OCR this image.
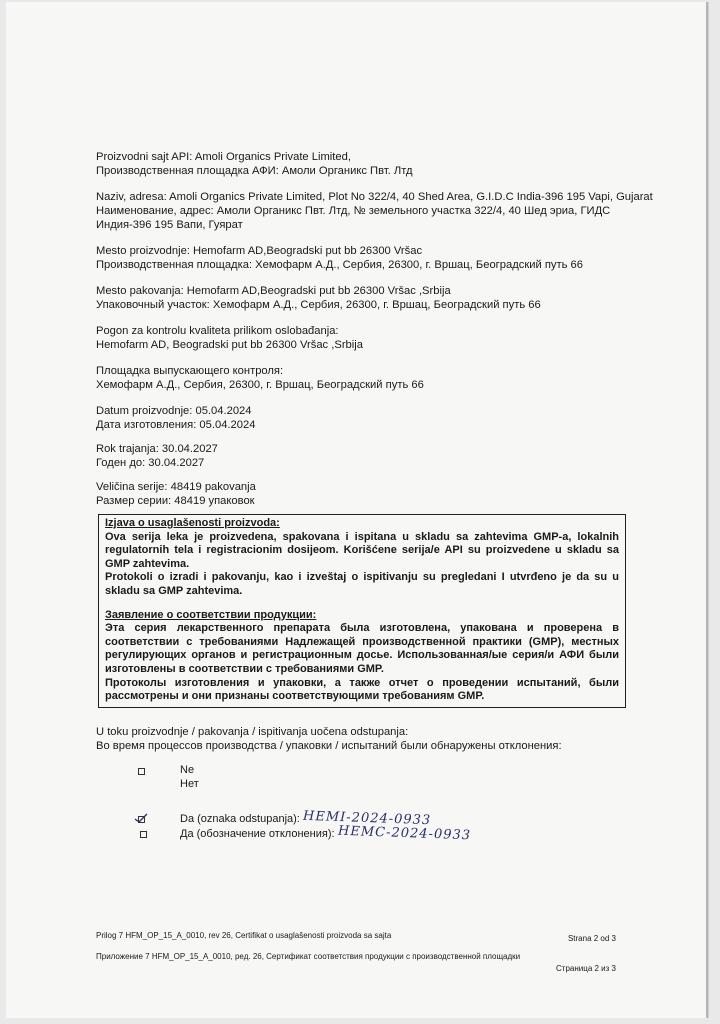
Proizvodni sajt API: Amoli Organics Private Limited,
Производственная площадка АФИ: Амоли Органикс Пвт. Лтд
Naziv, adresa: Amoli Organics Private Limited, Plot No 322/4, 40 Shed Area, G.I.D.C India-396 195 Vapi, Gujarat
Наименование, адрес: Амоли Органикс Пвт. Лтд, № земельного участка 322/4, 40 Шед эриа, ГИДС Индия-396 195 Вапи, Гуярат
Mesto proizvodnje: Hemofarm AD,Beogradski put bb 26300 Vršac
Производственная площадка: Хемофарм А.Д., Сербия, 26300, г. Вршац, Београдский путь 66
Mesto pakovanja: Hemofarm AD,Beogradski put bb 26300 Vršac ,Srbija
Упаковочный участок: Хемофарм А.Д., Сербия, 26300, г. Вршац, Београдский путь 66
Pogon za kontrolu kvaliteta prilikom oslobađanja:
Hemofarm AD, Beogradski put bb 26300 Vršac ,Srbija
Площадка выпускающего контроля:
Хемофарм А.Д., Сербия, 26300, г. Вршац, Београдский путь 66
Datum proizvodnje: 05.04.2024
Дата изготовления: 05.04.2024
Rok trajanja: 30.04.2027
Годен до: 30.04.2027
Veličina serije: 48419 pakovanja
Размер серии: 48419 упаковок
Izjava o usaglašenosti proizvoda:
Ova serija leka je proizvedena, spakovana i ispitana u skladu sa zahtevima GMP-a, lokalnih regulatornih tela i registracionim dosijeom. Korišćene serija/e API su proizvedene u skladu sa GMP zahtevima.
Protokoli o izradi i pakovanju, kao i izveštaj o ispitivanju su pregledani I utvrđeno je da su u skladu sa GMP zahtevima.
Заявление о соответствии продукции:
Эта серия лекарственного препарата была изготовлена, упакована и проверена в соответствии с требованиями Надлежащей производственной практики (GMP), местных регулирующих органов и регистрационным досье. Использованная/ые серия/и АФИ были изготовлены в соответствии с требованиями GMP.
Протоколы изготовления и упаковки, а также отчет о проведении испытаний, были рассмотрены и они признаны соответствующими требованиям GMP.
U toku proizvodnje / pakovanja / ispitivanja uočena odstupanja:
Во время процессов производства / упаковки / испытаний были обнаружены отклонения:
Ne
Нет
Da (oznaka odstupanja): HEMI-2024-0933
Да (обозначение отклонения): HEMC-2024-0933
Prilog 7 HFM_OP_15_A_0010, rev 26, Certifikat o usaglašenosti proizvoda sa sajta	Strana 2 od 3
Приложение 7 HFM_OP_15_A_0010, ред. 26, Сертификат соответствия продукции с производственной площадки
Страница 2 из 3
